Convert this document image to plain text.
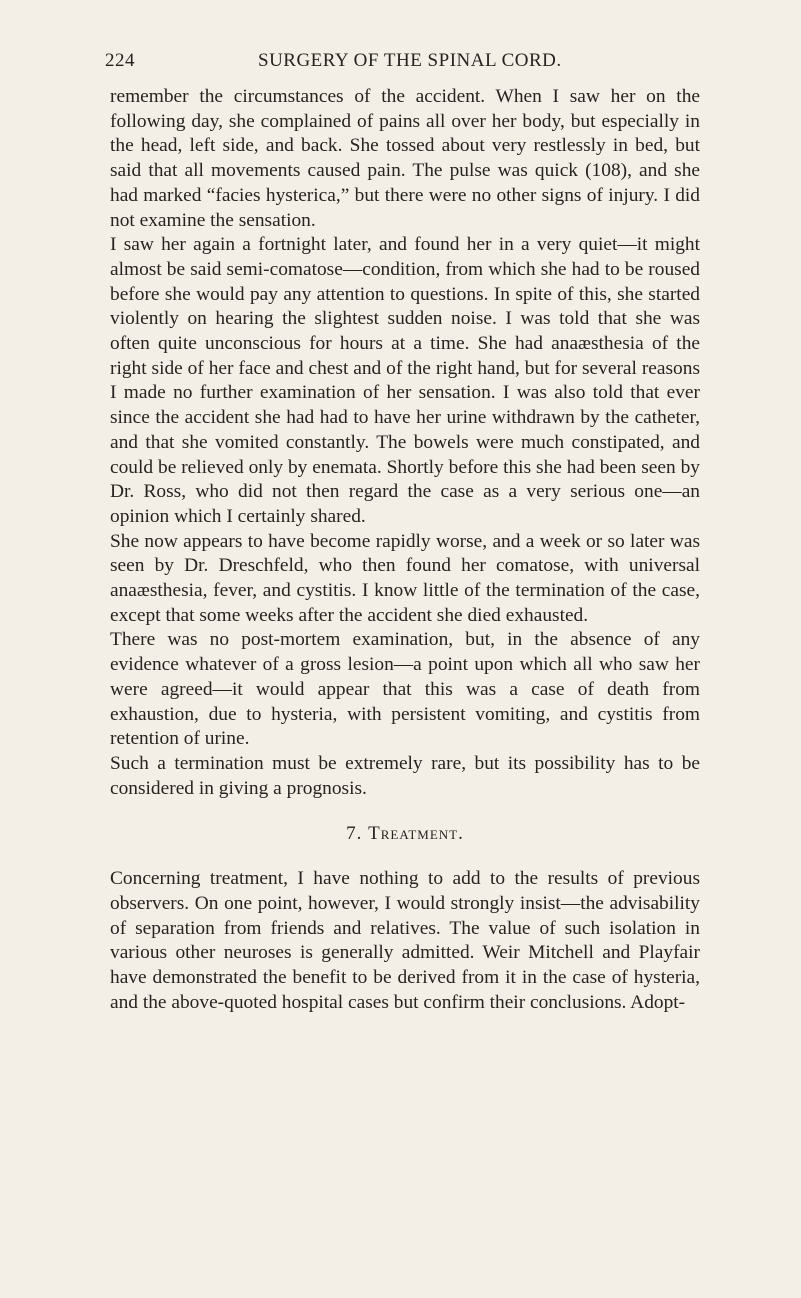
224	SURGERY OF THE SPINAL CORD.

remember the circumstances of the accident. When I saw her on the following day, she complained of pains all over her body, but especially in the head, left side, and back. She tossed about very restlessly in bed, but said that all movements caused pain. The pulse was quick (108), and she had marked “facies hysterica,” but there were no other signs of injury. I did not examine the sensation.

I saw her again a fortnight later, and found her in a very quiet—it might almost be said semi-comatose—condition, from which she had to be roused before she would pay any attention to questions. In spite of this, she started violently on hearing the slightest sudden noise. I was told that she was often quite unconscious for hours at a time. She had anaæsthesia of the right side of her face and chest and of the right hand, but for several reasons I made no further examination of her sensation. I was also told that ever since the accident she had had to have her urine withdrawn by the catheter, and that she vomited constantly. The bowels were much constipated, and could be relieved only by enemata. Shortly before this she had been seen by Dr. Ross, who did not then regard the case as a very serious one—an opinion which I certainly shared.

She now appears to have become rapidly worse, and a week or so later was seen by Dr. Dreschfeld, who then found her comatose, with universal anaæsthesia, fever, and cystitis. I know little of the termination of the case, except that some weeks after the accident she died exhausted.

There was no post-mortem examination, but, in the absence of any evidence whatever of a gross lesion—a point upon which all who saw her were agreed—it would appear that this was a case of death from exhaustion, due to hysteria, with persistent vomiting, and cystitis from retention of urine.

Such a termination must be extremely rare, but its possibility has to be considered in giving a prognosis.

7. Treatment.

Concerning treatment, I have nothing to add to the results of previous observers. On one point, however, I would strongly insist—the advisability of separation from friends and relatives. The value of such isolation in various other neuroses is generally admitted. Weir Mitchell and Playfair have demonstrated the benefit to be derived from it in the case of hysteria, and the above-quoted hospital cases but confirm their conclusions. Adopt-
